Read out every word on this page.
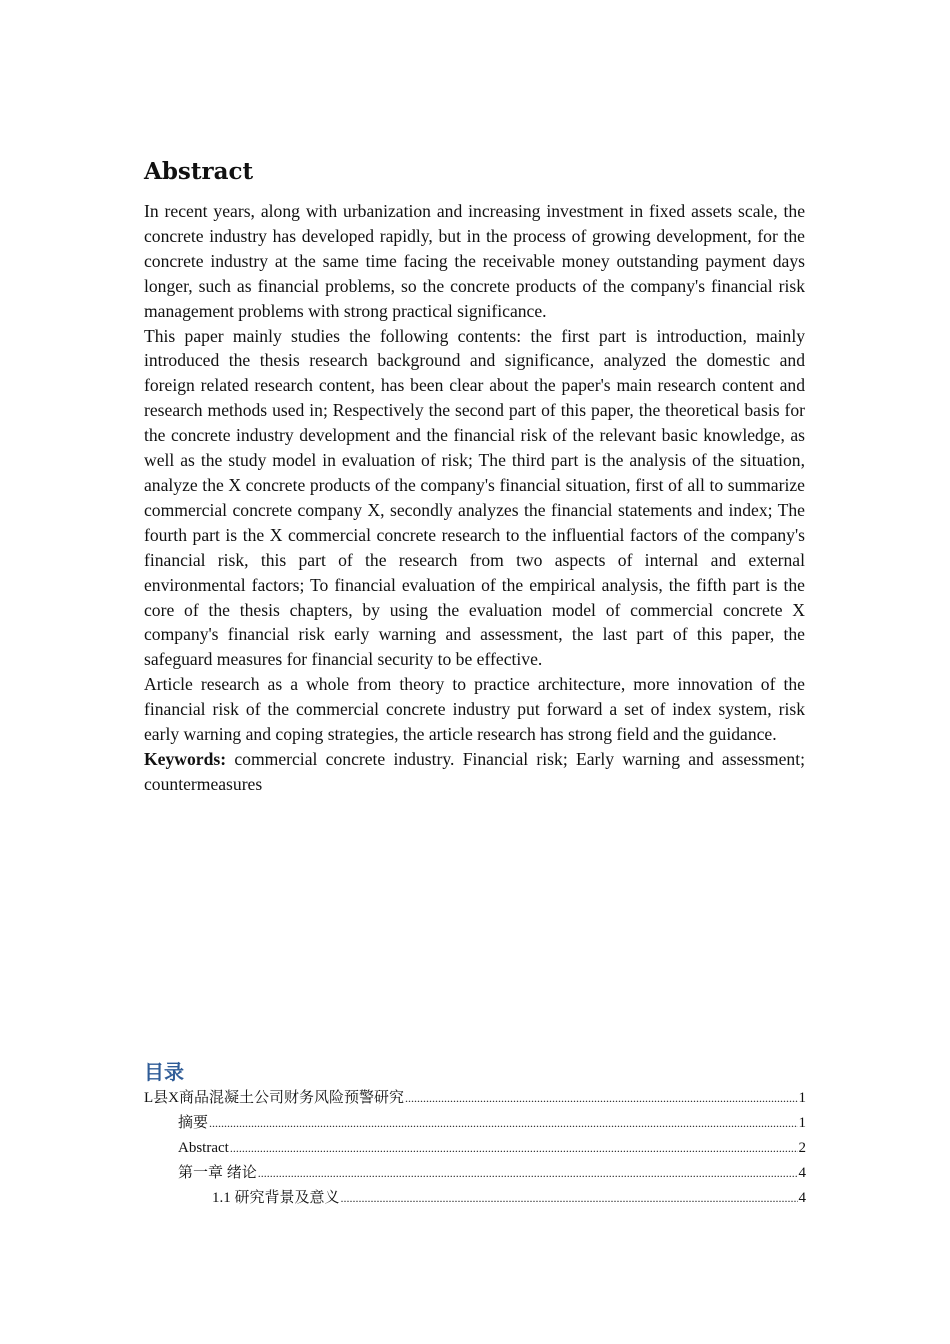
Abstract

In recent years, along with urbanization and increasing investment in fixed assets scale, the concrete industry has developed rapidly, but in the process of growing development, for the concrete industry at the same time facing the receivable money outstanding payment days longer, such as financial problems, so the concrete products of the company's financial risk management problems with strong practical significance.

This paper mainly studies the following contents: the first part is introduction, mainly introduced the thesis research background and significance, analyzed the domestic and foreign related research content, has been clear about the paper's main research content and research methods used in; Respectively the second part of this paper, the theoretical basis for the concrete industry development and the financial risk of the relevant basic knowledge, as well as the study model in evaluation of risk; The third part is the analysis of the situation, analyze the X concrete products of the company's financial situation, first of all to summarize commercial concrete company X, secondly analyzes the financial statements and index; The fourth part is the X commercial concrete research to the influential factors of the company's financial risk, this part of the research from two aspects of internal and external environmental factors; To financial evaluation of the empirical analysis, the fifth part is the core of the thesis chapters, by using the evaluation model of commercial concrete X company's financial risk early warning and assessment, the last part of this paper, the safeguard measures for financial security to be effective.

Article research as a whole from theory to practice architecture, more innovation of the financial risk of the commercial concrete industry put forward a set of index system, risk early warning and coping strategies, the article research has strong field and the guidance.

Keywords: commercial concrete industry. Financial risk; Early warning and assessment; countermeasures

目录
L县X商品混凝土公司财务风险预警研究 .....	1
摘要 .....	1
Abstract .....	2
第一章 绪论 .....	4
1.1 研究背景及意义 .....	4
